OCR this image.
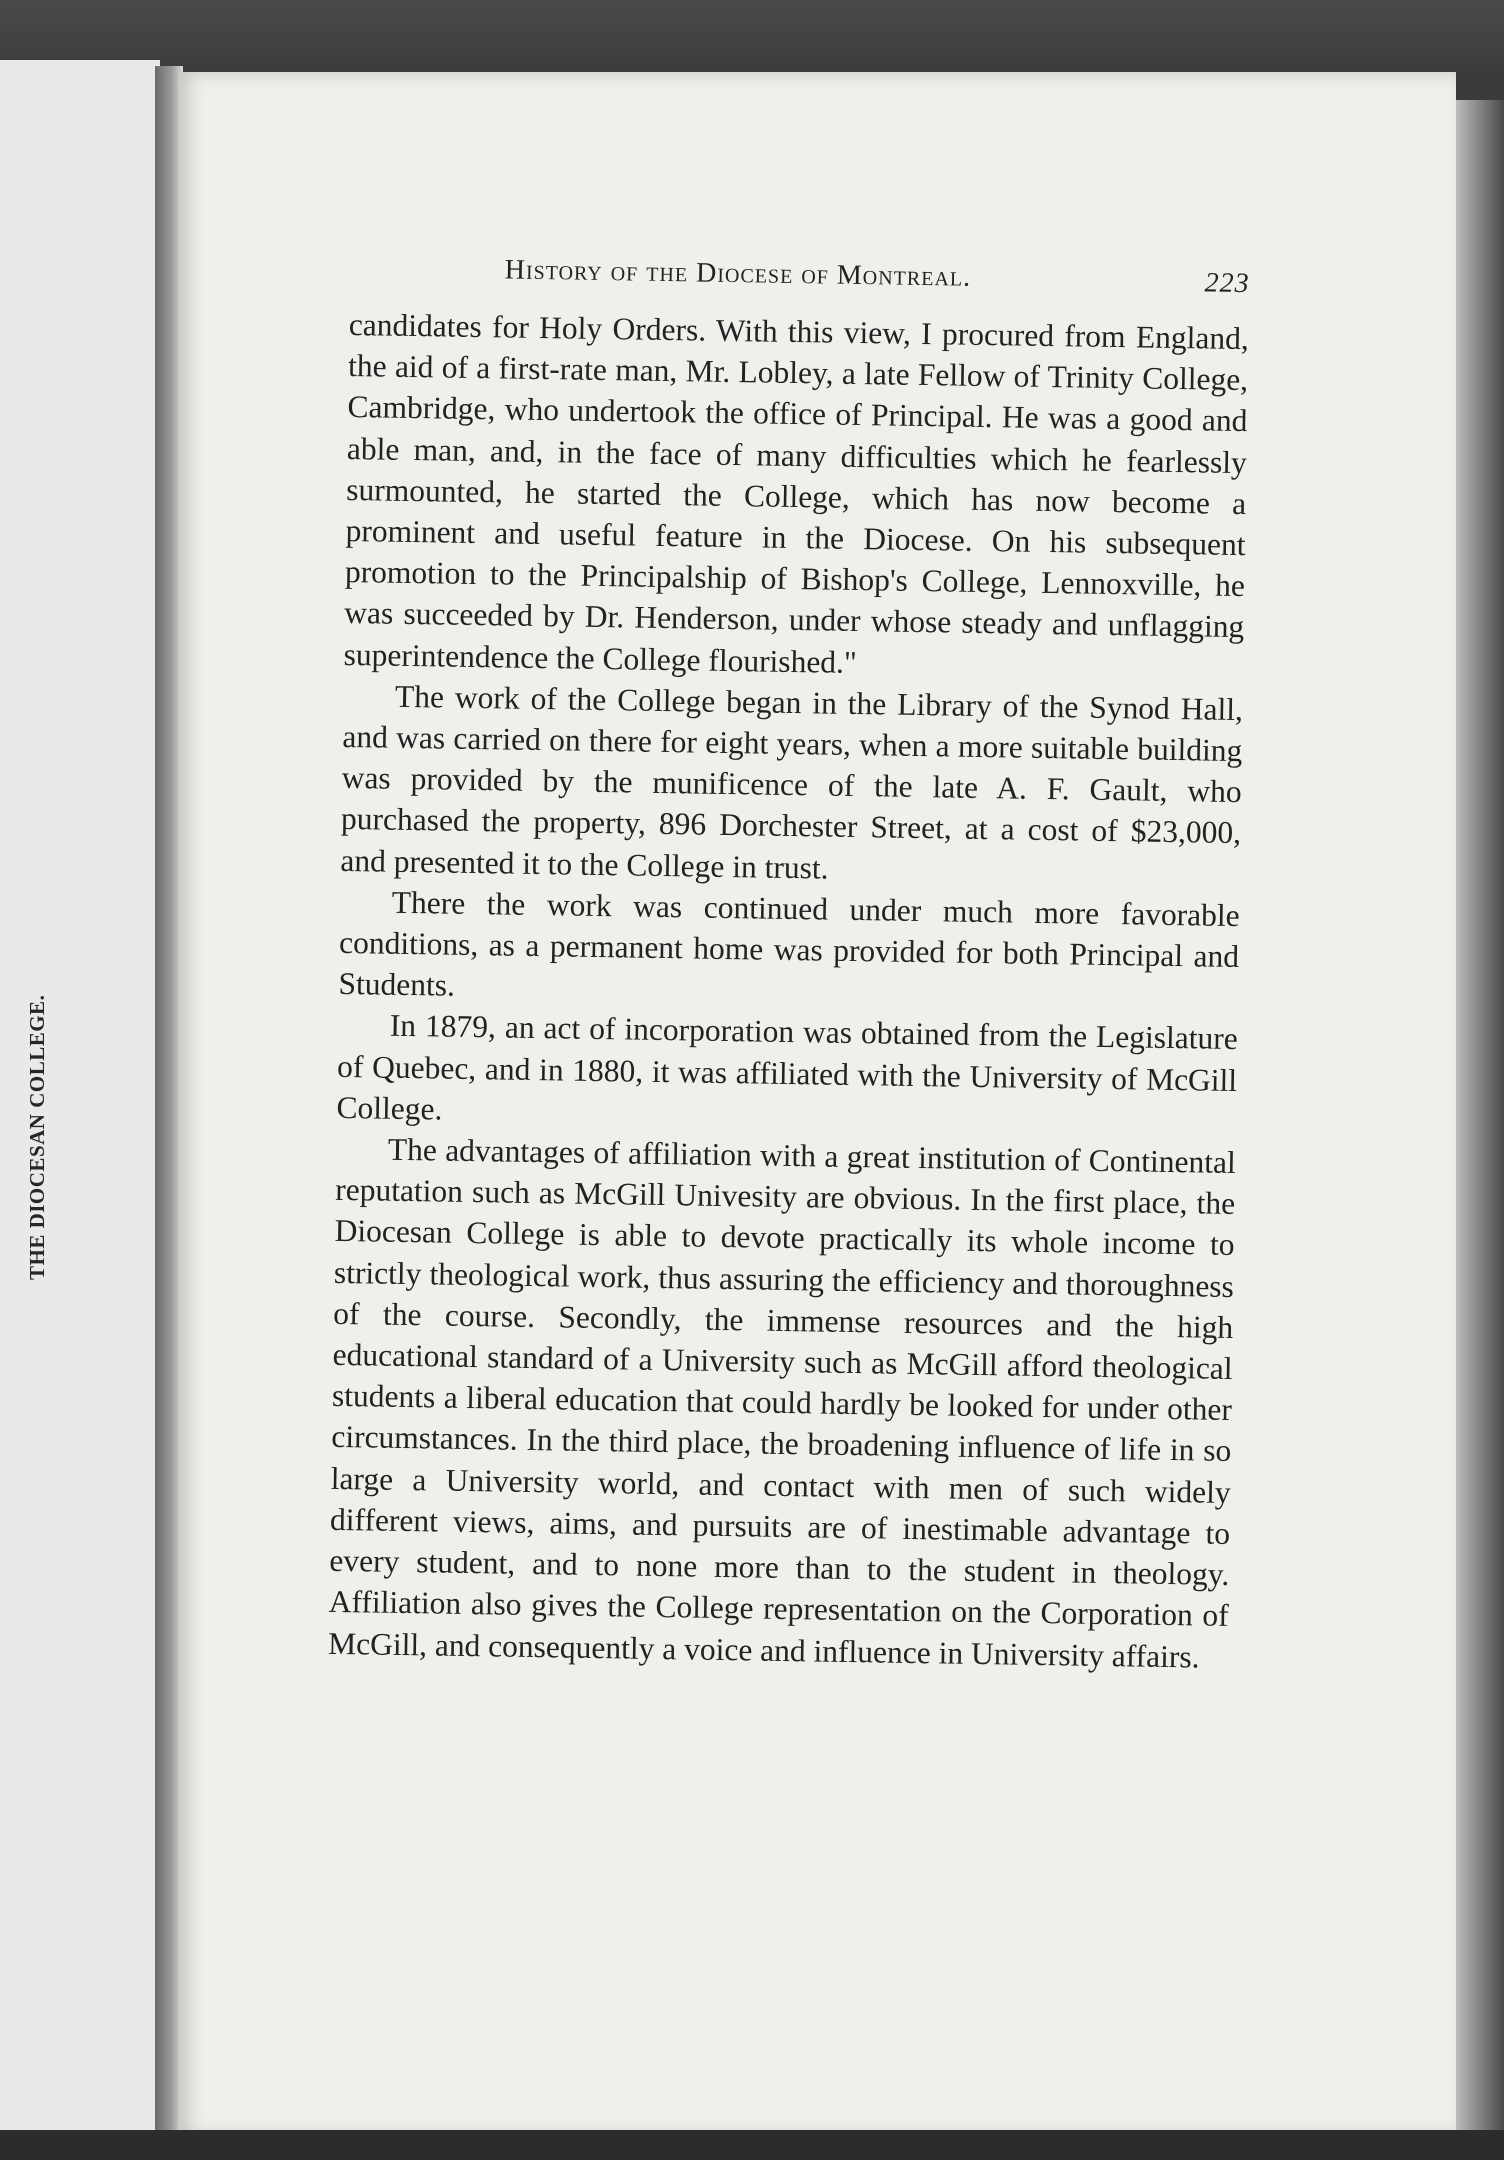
THE DIOCESAN COLLEGE.
History of the Diocese of Montreal.	223

candidates for Holy Orders. With this view, I procured from England, the aid of a first-rate man, Mr. Lobley, a late Fellow of Trinity College, Cambridge, who undertook the office of Principal. He was a good and able man, and, in the face of many difficulties which he fearlessly surmounted, he started the College, which has now become a prominent and useful feature in the Diocese. On his subsequent promotion to the Principalship of Bishop's College, Lennoxville, he was succeeded by Dr. Henderson, under whose steady and unflagging superintendence the College flourished."

The work of the College began in the Library of the Synod Hall, and was carried on there for eight years, when a more suitable building was provided by the munificence of the late A. F. Gault, who purchased the property, 896 Dorchester Street, at a cost of $23,000, and presented it to the College in trust.

There the work was continued under much more favorable conditions, as a permanent home was provided for both Principal and Students.

In 1879, an act of incorporation was obtained from the Legislature of Quebec, and in 1880, it was affiliated with the University of McGill College.

The advantages of affiliation with a great institution of Continental reputation such as McGill Univesity are obvious. In the first place, the Diocesan College is able to devote practically its whole income to strictly theological work, thus assuring the efficiency and thoroughness of the course. Secondly, the immense resources and the high educational standard of a University such as McGill afford theological students a liberal education that could hardly be looked for under other circumstances. In the third place, the broadening influence of life in so large a University world, and contact with men of such widely different views, aims, and pursuits are of inestimable advantage to every student, and to none more than to the student in theology. Affiliation also gives the College representation on the Corporation of McGill, and consequently a voice and influence in University affairs.
